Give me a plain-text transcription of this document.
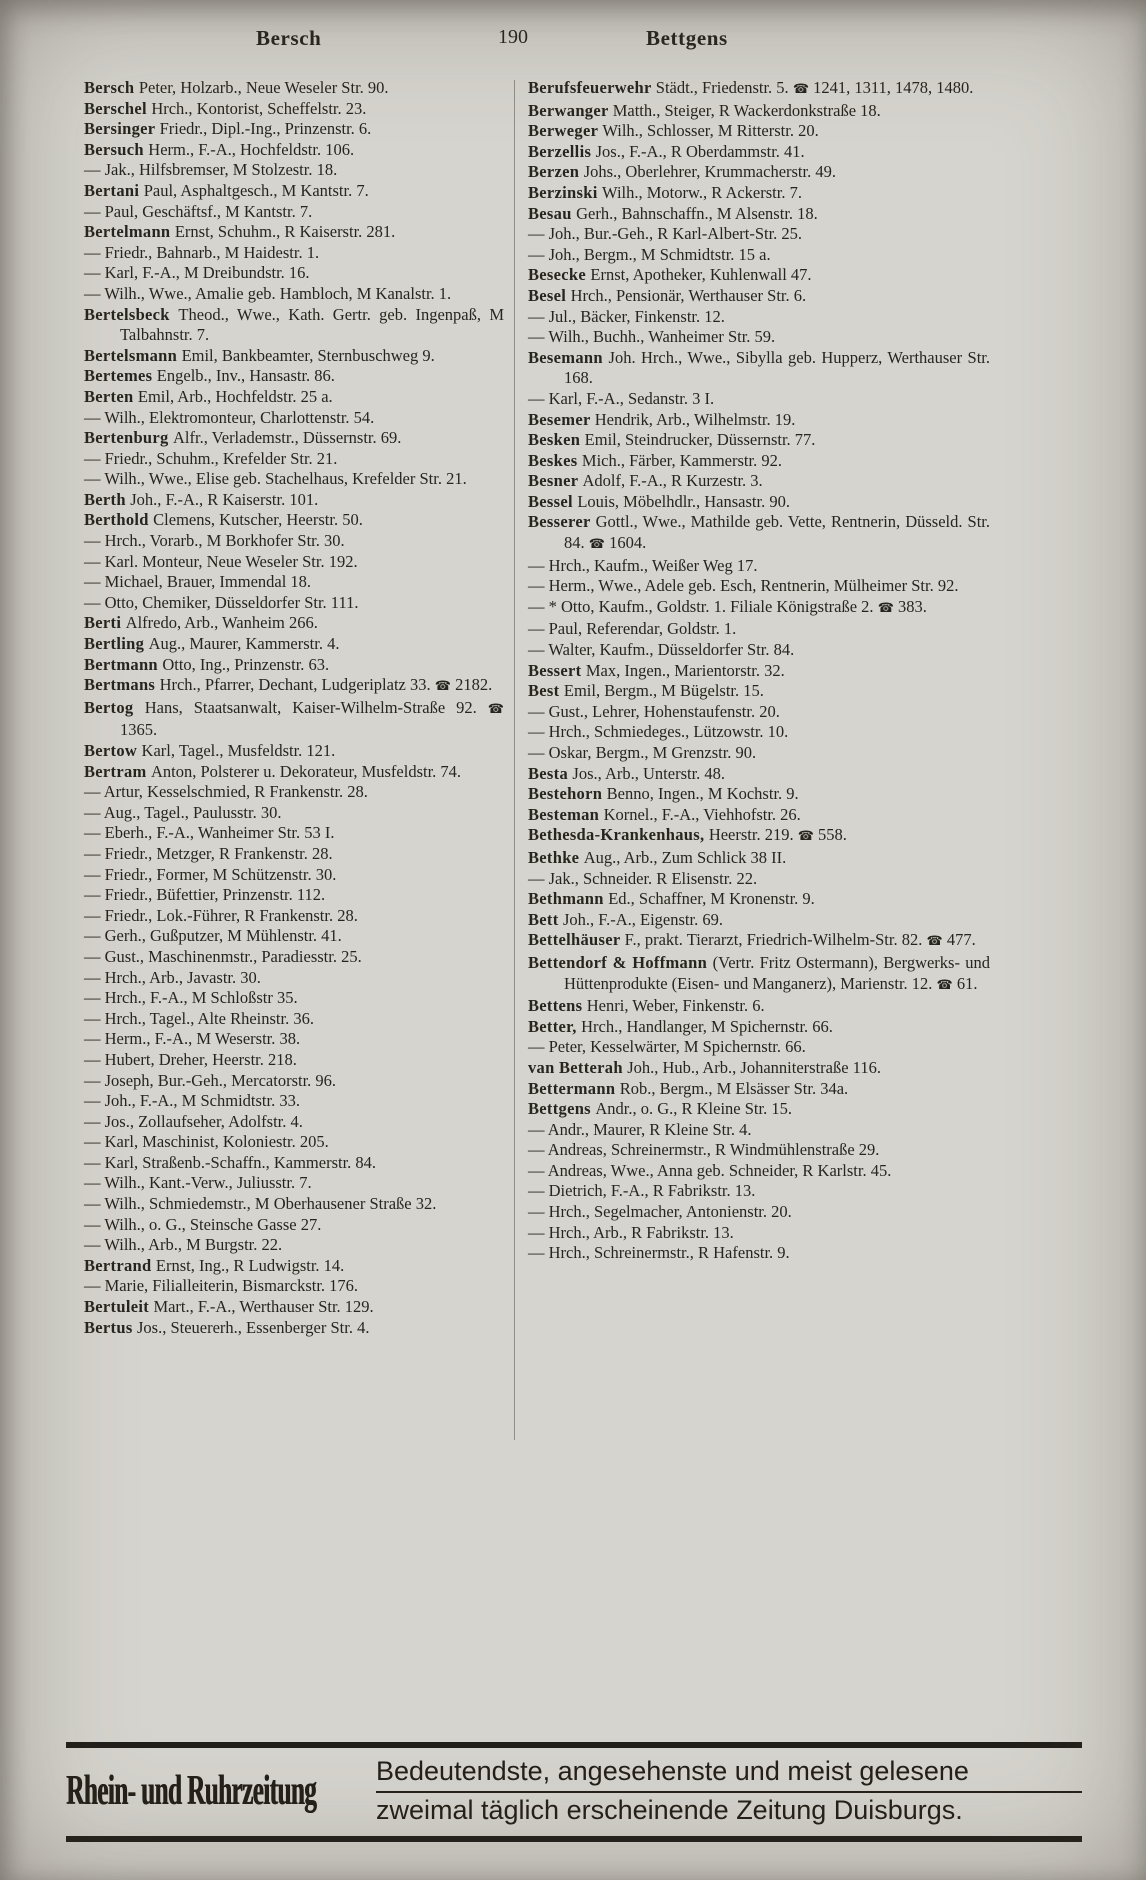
Bersch	190	Bettgens

Bersch Peter, Holzarb., Neue Weseler Str. 90.

Berschel Hrch., Kontorist, Scheffelstr. 23.

Bersinger Friedr., Dipl.-Ing., Prinzenstr. 6.

Bersuch Herm., F.-A., Hochfeldstr. 106.

— Jak., Hilfsbremser, M Stolzestr. 18.

Bertani Paul, Asphaltgesch., M Kantstr. 7.

— Paul, Geschäftsf., M Kantstr. 7.

Bertelmann Ernst, Schuhm., R Kaiserstr. 281.

— Friedr., Bahnarb., M Haidestr. 1.

— Karl, F.-A., M Dreibundstr. 16.

— Wilh., Wwe., Amalie geb. Hambloch, M Kanalstr. 1.

Bertelsbeck Theod., Wwe., Kath. Gertr. geb. Ingenpaß, M Talbahnstr. 7.

Bertelsmann Emil, Bankbeamter, Sternbuschweg 9.

Bertemes Engelb., Inv., Hansastr. 86.

Berten Emil, Arb., Hochfeldstr. 25 a.

— Wilh., Elektromonteur, Charlottenstr. 54.

Bertenburg Alfr., Verlademstr., Düssernstr. 69.

— Friedr., Schuhm., Krefelder Str. 21.

— Wilh., Wwe., Elise geb. Stachelhaus, Krefelder Str. 21.

Berth Joh., F.-A., R Kaiserstr. 101.

Berthold Clemens, Kutscher, Heerstr. 50.

— Hrch., Vorarb., M Borkhofer Str. 30.

— Karl. Monteur, Neue Weseler Str. 192.

— Michael, Brauer, Immendal 18.

— Otto, Chemiker, Düsseldorfer Str. 111.

Berti Alfredo, Arb., Wanheim 266.

Bertling Aug., Maurer, Kammerstr. 4.

Bertmann Otto, Ing., Prinzenstr. 63.

Bertmans Hrch., Pfarrer, Dechant, Ludgeriplatz 33. ☎ 2182.

Bertog Hans, Staatsanwalt, Kaiser-Wilhelm-Straße 92. ☎ 1365.

Bertow Karl, Tagel., Musfeldstr. 121.

Bertram Anton, Polsterer u. Dekorateur, Musfeldstr. 74.

— Artur, Kesselschmied, R Frankenstr. 28.

— Aug., Tagel., Paulusstr. 30.

— Eberh., F.-A., Wanheimer Str. 53 I.

— Friedr., Metzger, R Frankenstr. 28.

— Friedr., Former, M Schützenstr. 30.

— Friedr., Büfettier, Prinzenstr. 112.

— Friedr., Lok.-Führer, R Frankenstr. 28.

— Gerh., Gußputzer, M Mühlenstr. 41.

— Gust., Maschinenmstr., Paradiesstr. 25.

— Hrch., Arb., Javastr. 30.

— Hrch., F.-A., M Schloßstr 35.

— Hrch., Tagel., Alte Rheinstr. 36.

— Herm., F.-A., M Weserstr. 38.

— Hubert, Dreher, Heerstr. 218.

— Joseph, Bur.-Geh., Mercatorstr. 96.

— Joh., F.-A., M Schmidtstr. 33.

— Jos., Zollaufseher, Adolfstr. 4.

— Karl, Maschinist, Koloniestr. 205.

— Karl, Straßenb.-Schaffn., Kammerstr. 84.

— Wilh., Kant.-Verw., Juliusstr. 7.

— Wilh., Schmiedemstr., M Oberhausener Straße 32.

— Wilh., o. G., Steinsche Gasse 27.

— Wilh., Arb., M Burgstr. 22.

Bertrand Ernst, Ing., R Ludwigstr. 14.

— Marie, Filialleiterin, Bismarckstr. 176.

Bertuleit Mart., F.-A., Werthauser Str. 129.

Bertus Jos., Steuererh., Essenberger Str. 4.

Berufsfeuerwehr Städt., Friedenstr. 5. ☎ 1241, 1311, 1478, 1480.

Berwanger Matth., Steiger, R Wackerdonkstraße 18.

Berweger Wilh., Schlosser, M Ritterstr. 20.

Berzellis Jos., F.-A., R Oberdammstr. 41.

Berzen Johs., Oberlehrer, Krummacherstr. 49.

Berzinski Wilh., Motorw., R Ackerstr. 7.

Besau Gerh., Bahnschaffn., M Alsenstr. 18.

— Joh., Bur.-Geh., R Karl-Albert-Str. 25.

— Joh., Bergm., M Schmidtstr. 15 a.

Besecke Ernst, Apotheker, Kuhlenwall 47.

Besel Hrch., Pensionär, Werthauser Str. 6.

— Jul., Bäcker, Finkenstr. 12.

— Wilh., Buchh., Wanheimer Str. 59.

Besemann Joh. Hrch., Wwe., Sibylla geb. Hupperz, Werthauser Str. 168.

— Karl, F.-A., Sedanstr. 3 I.

Besemer Hendrik, Arb., Wilhelmstr. 19.

Besken Emil, Steindrucker, Düssernstr. 77.

Beskes Mich., Färber, Kammerstr. 92.

Besner Adolf, F.-A., R Kurzestr. 3.

Bessel Louis, Möbelhdlr., Hansastr. 90.

Besserer Gottl., Wwe., Mathilde geb. Vette, Rentnerin, Düsseld. Str. 84. ☎ 1604.

— Hrch., Kaufm., Weißer Weg 17.

— Herm., Wwe., Adele geb. Esch, Rentnerin, Mülheimer Str. 92.

— * Otto, Kaufm., Goldstr. 1. Filiale Königstraße 2. ☎ 383.

— Paul, Referendar, Goldstr. 1.

— Walter, Kaufm., Düsseldorfer Str. 84.

Bessert Max, Ingen., Marientorstr. 32.

Best Emil, Bergm., M Bügelstr. 15.

— Gust., Lehrer, Hohenstaufenstr. 20.

— Hrch., Schmiedeges., Lützowstr. 10.

— Oskar, Bergm., M Grenzstr. 90.

Besta Jos., Arb., Unterstr. 48.

Bestehorn Benno, Ingen., M Kochstr. 9.

Besteman Kornel., F.-A., Viehhofstr. 26.

Bethesda-Krankenhaus, Heerstr. 219. ☎ 558.

Bethke Aug., Arb., Zum Schlick 38 II.

— Jak., Schneider. R Elisenstr. 22.

Bethmann Ed., Schaffner, M Kronenstr. 9.

Bett Joh., F.-A., Eigenstr. 69.

Bettelhäuser F., prakt. Tierarzt, Friedrich-Wilhelm-Str. 82. ☎ 477.

Bettendorf & Hoffmann (Vertr. Fritz Ostermann), Bergwerks- und Hüttenprodukte (Eisen- und Manganerz), Marienstr. 12. ☎ 61.

Bettens Henri, Weber, Finkenstr. 6.

Better, Hrch., Handlanger, M Spichernstr. 66.

— Peter, Kesselwärter, M Spichernstr. 66.

van Betterah Joh., Hub., Arb., Johanniterstraße 116.

Bettermann Rob., Bergm., M Elsässer Str. 34a.

Bettgens Andr., o. G., R Kleine Str. 15.

— Andr., Maurer, R Kleine Str. 4.

— Andreas, Schreinermstr., R Windmühlenstraße 29.

— Andreas, Wwe., Anna geb. Schneider, R Karlstr. 45.

— Dietrich, F.-A., R Fabrikstr. 13.

— Hrch., Segelmacher, Antonienstr. 20.

— Hrch., Arb., R Fabrikstr. 13.

— Hrch., Schreinermstr., R Hafenstr. 9.

Rhein- und Ruhrzeitung	Bedeutendste, angesehenste und meist gelesene
zweimal täglich erscheinende Zeitung Duisburgs.
